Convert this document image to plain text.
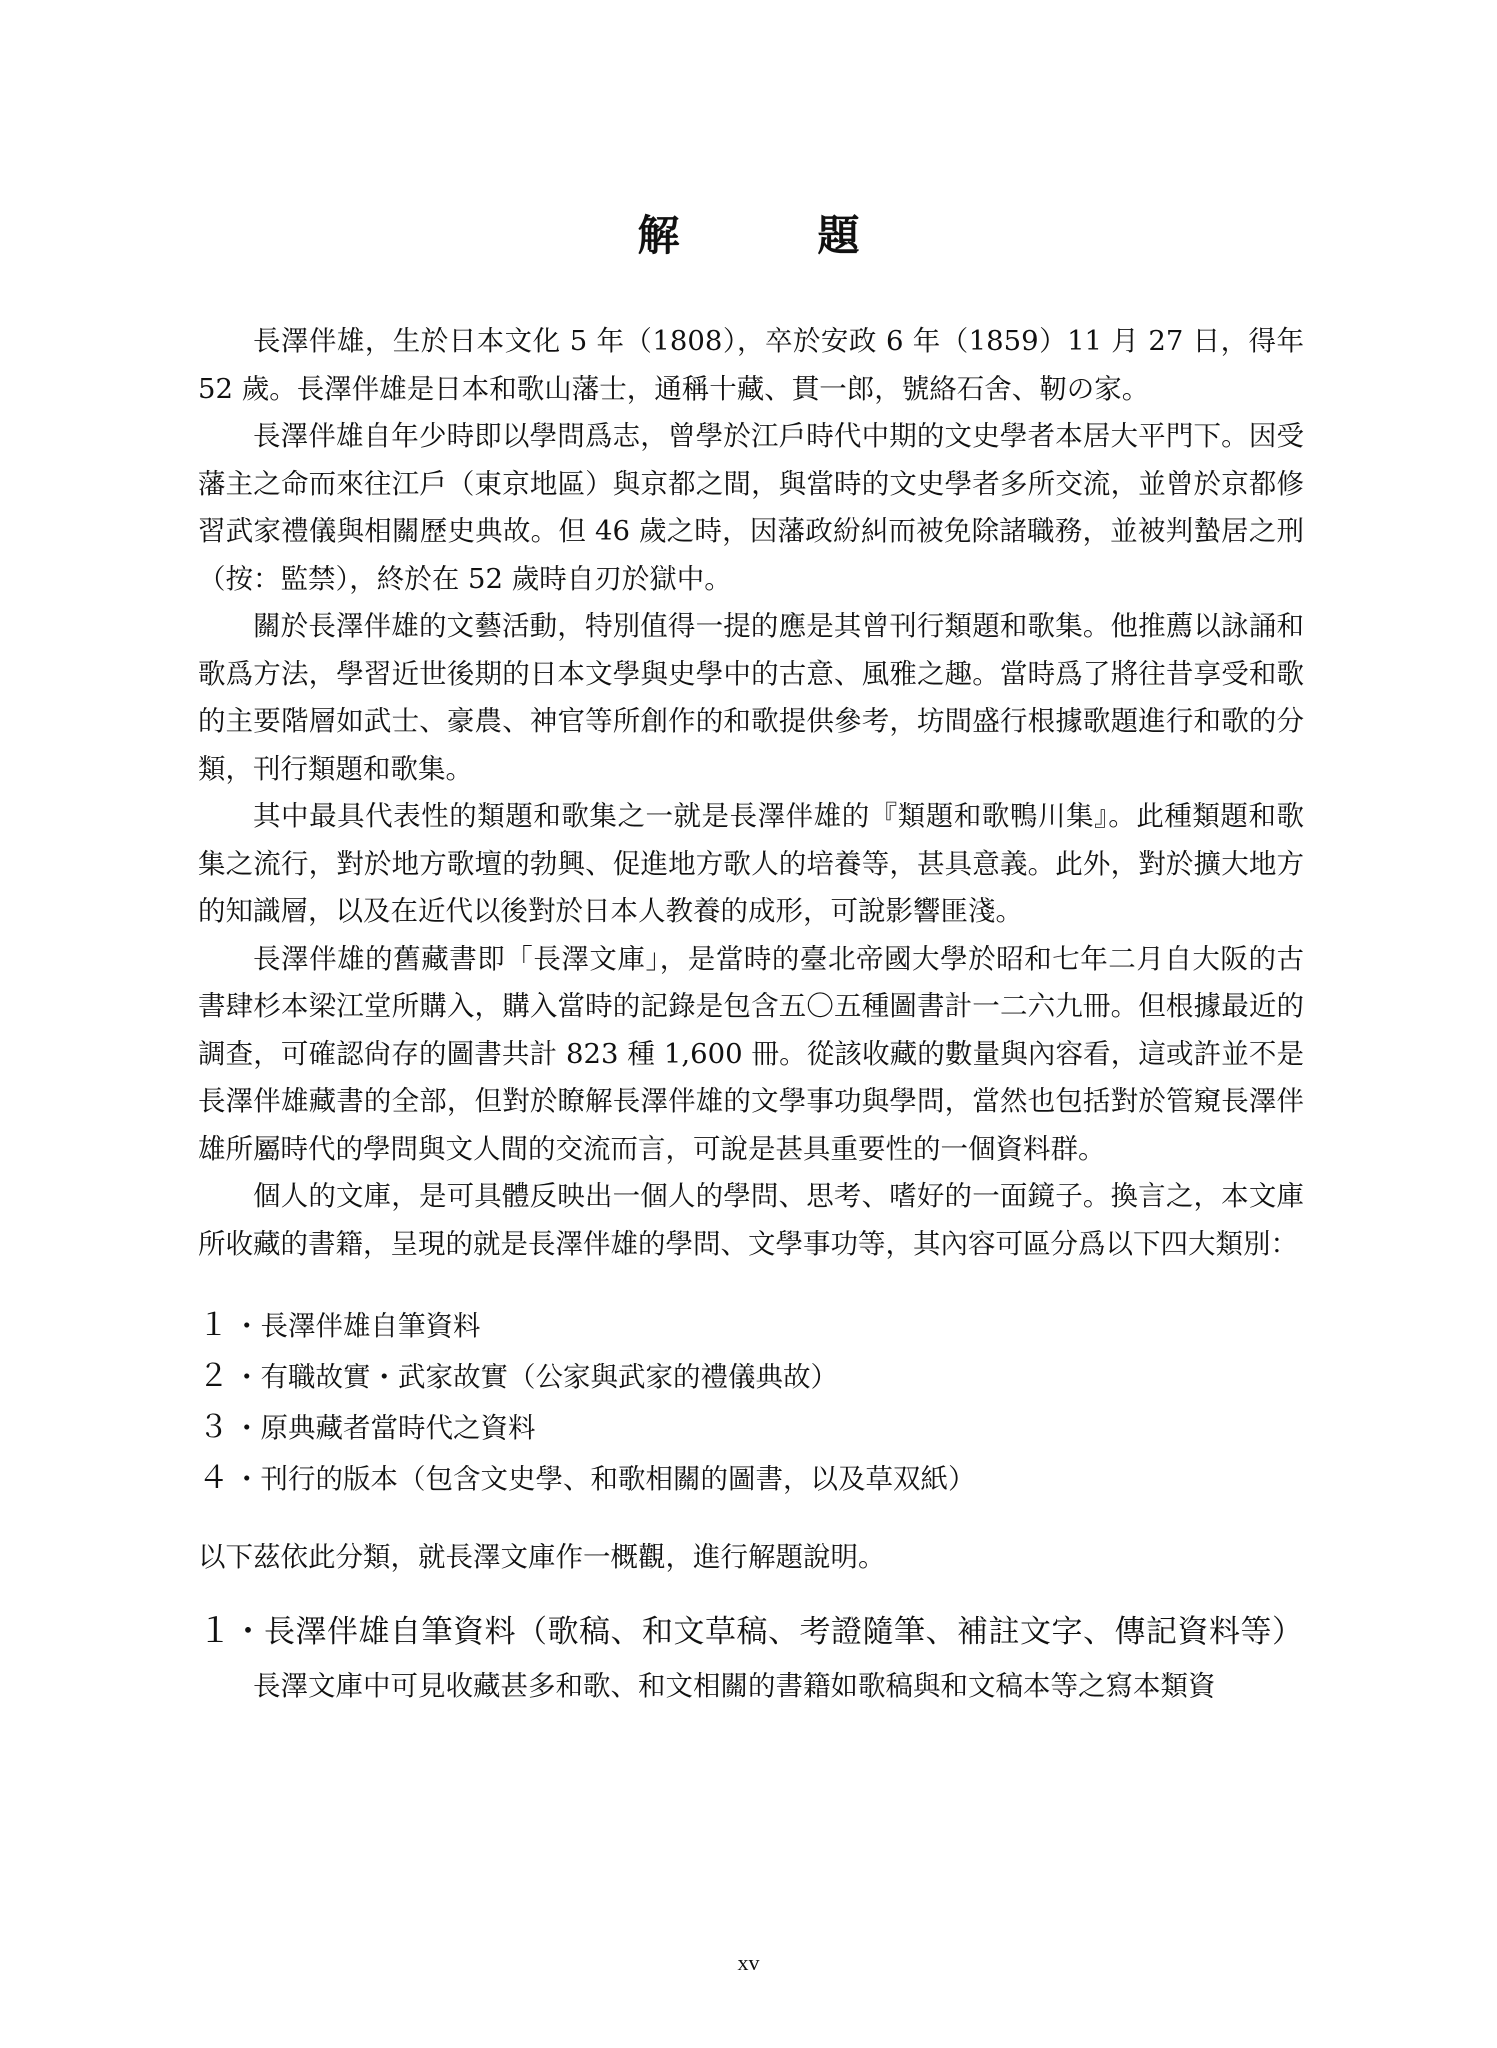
解　題

長澤伴雄，生於日本文化 5 年（1808），卒於安政 6 年（1859）11 月 27 日，得年 52 歲。長澤伴雄是日本和歌山藩士，通稱十藏、貫一郎，號絡石舍、靭の家。

長澤伴雄自年少時即以學問爲志，曾學於江戶時代中期的文史學者本居大平門下。因受藩主之命而來往江戶（東京地區）與京都之間，與當時的文史學者多所交流，並曾於京都修習武家禮儀與相關歷史典故。但 46 歲之時，因藩政紛糾而被免除諸職務，並被判蟄居之刑（按：監禁），終於在 52 歲時自刃於獄中。

關於長澤伴雄的文藝活動，特別值得一提的應是其曾刊行類題和歌集。他推薦以詠誦和歌爲方法，學習近世後期的日本文學與史學中的古意、風雅之趣。當時爲了將往昔享受和歌的主要階層如武士、豪農、神官等所創作的和歌提供參考，坊間盛行根據歌題進行和歌的分類，刊行類題和歌集。

其中最具代表性的類題和歌集之一就是長澤伴雄的『類題和歌鴨川集』。此種類題和歌集之流行，對於地方歌壇的勃興、促進地方歌人的培養等，甚具意義。此外，對於擴大地方的知識層，以及在近代以後對於日本人教養的成形，可說影響匪淺。

長澤伴雄的舊藏書即「長澤文庫」，是當時的臺北帝國大學於昭和七年二月自大阪的古書肆杉本梁江堂所購入，購入當時的記錄是包含五〇五種圖書計一二六九冊。但根據最近的調查，可確認尙存的圖書共計 823 種 1,600 冊。從該收藏的數量與內容看，這或許並不是長澤伴雄藏書的全部，但對於瞭解長澤伴雄的文學事功與學問，當然也包括對於管窺長澤伴雄所屬時代的學問與文人間的交流而言，可說是甚具重要性的一個資料群。

個人的文庫，是可具體反映出一個人的學問、思考、嗜好的一面鏡子。換言之，本文庫所收藏的書籍，呈現的就是長澤伴雄的學問、文學事功等，其內容可區分爲以下四大類別：

１ ・長澤伴雄自筆資料
２ ・有職故實・武家故實（公家與武家的禮儀典故）
３ ・原典藏者當時代之資料
４ ・刊行的版本（包含文史學、和歌相關的圖書，以及草双紙）

以下茲依此分類，就長澤文庫作一概觀，進行解題說明。

１・長澤伴雄自筆資料（歌稿、和文草稿、考證隨筆、補註文字、傳記資料等）

長澤文庫中可見收藏甚多和歌、和文相關的書籍如歌稿與和文稿本等之寫本類資

xv
